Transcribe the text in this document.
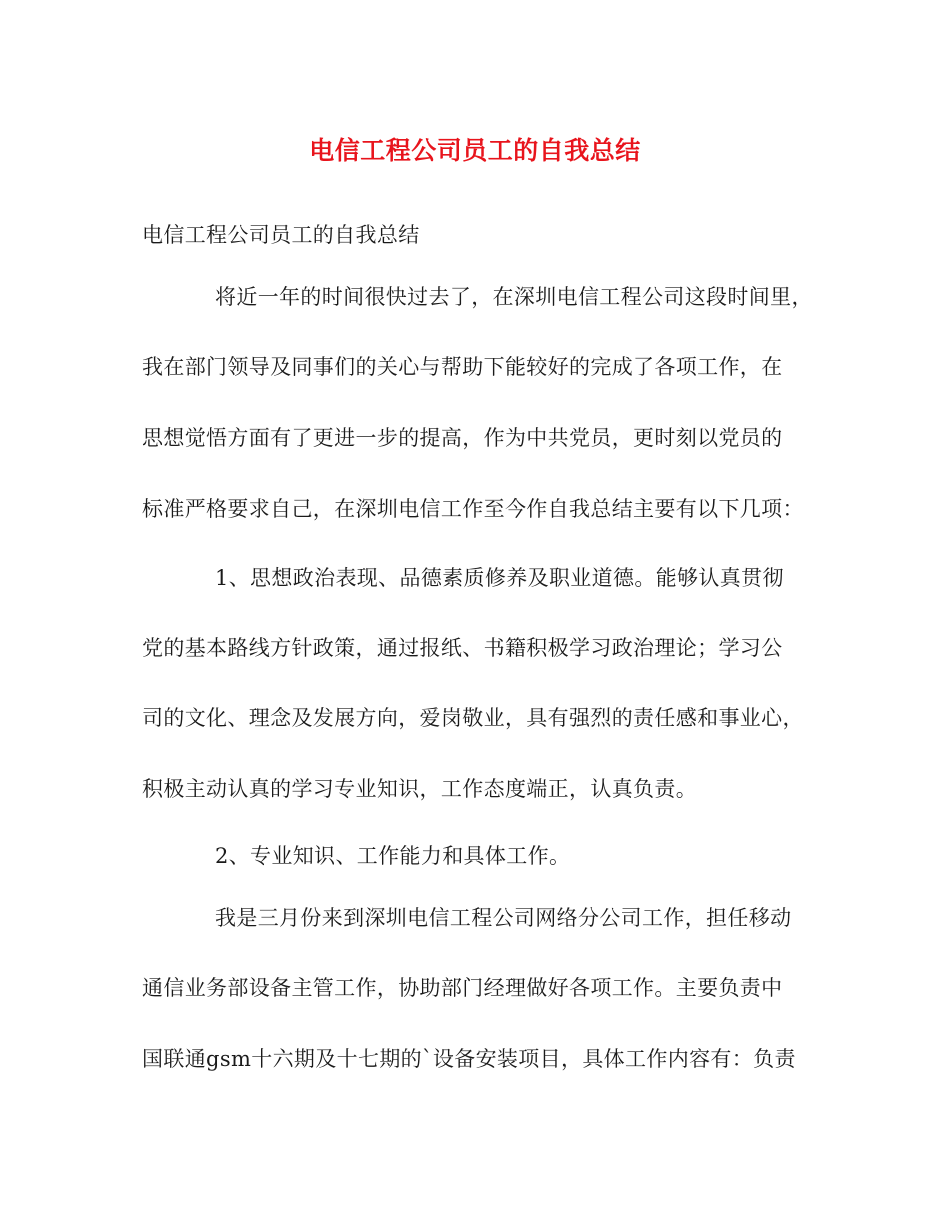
电信工程公司员工的自我总结
电信工程公司员工的自我总结
将近一年的时间很快过去了，在深圳电信工程公司这段时间里，
我在部门领导及同事们的关心与帮助下能较好的完成了各项工作，在
思想觉悟方面有了更进一步的提高，作为中共党员，更时刻以党员的
标准严格要求自己，在深圳电信工作至今作自我总结主要有以下几项：
1、思想政治表现、品德素质修养及职业道德。能够认真贯彻
党的基本路线方针政策，通过报纸、书籍积极学习政治理论；学习公
司的文化、理念及发展方向，爱岗敬业，具有强烈的责任感和事业心，
积极主动认真的学习专业知识，工作态度端正，认真负责。
2、专业知识、工作能力和具体工作。
我是三月份来到深圳电信工程公司网络分公司工作，担任移动
通信业务部设备主管工作，协助部门经理做好各项工作。主要负责中
国联通gsm十六期及十七期的`设备安装项目，具体工作内容有：负责
